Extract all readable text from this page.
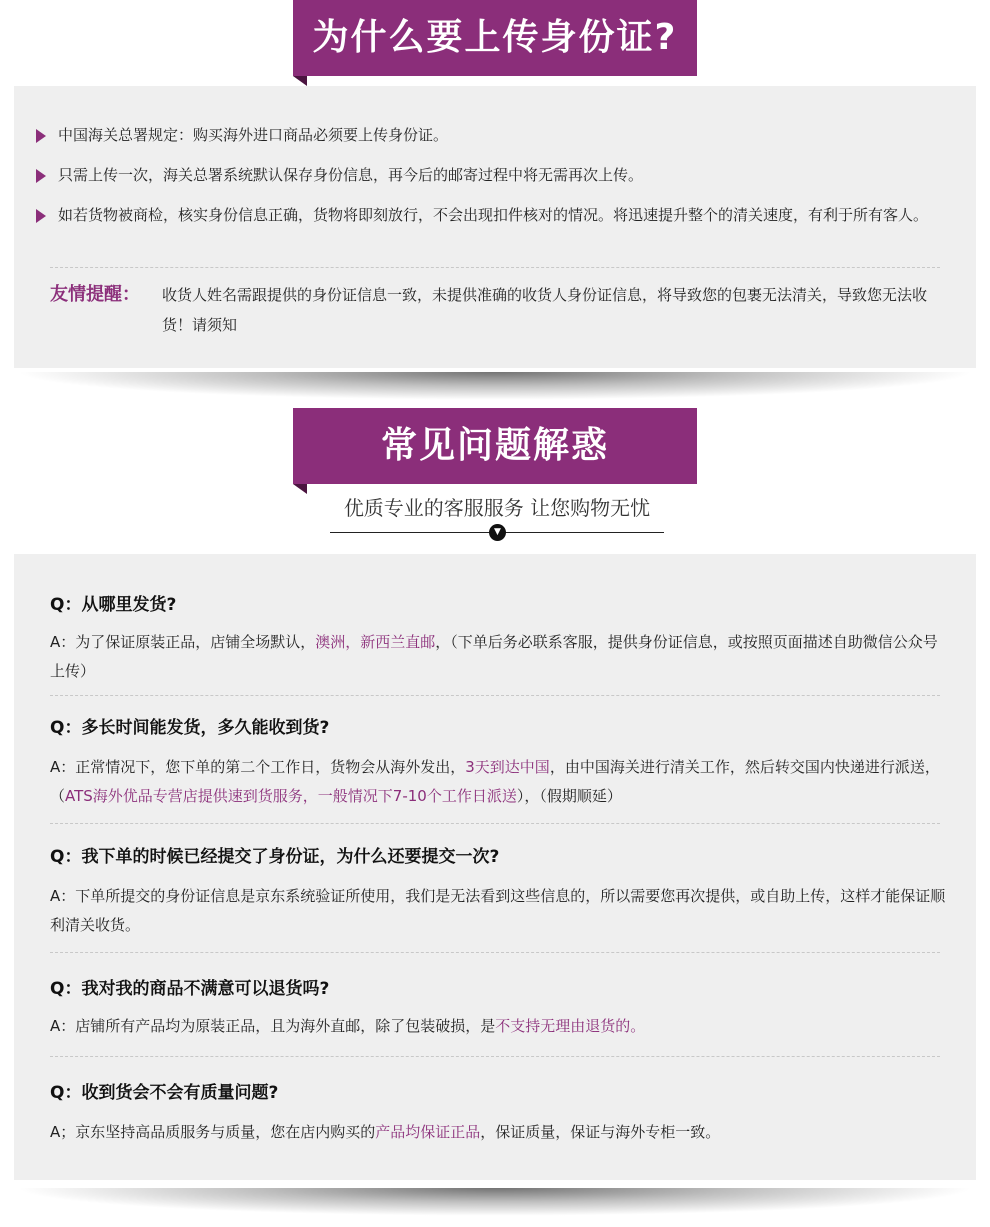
为什么要上传身份证?
中国海关总署规定：购买海外进口商品必须要上传身份证。
只需上传一次，海关总署系统默认保存身份信息，再今后的邮寄过程中将无需再次上传。
如若货物被商检，核实身份信息正确，货物将即刻放行，不会出现扣件核对的情况。将迅速提升整个的清关速度，有利于所有客人。
友情提醒： 收货人姓名需跟提供的身份证信息一致，未提供准确的收货人身份证信息，将导致您的包裹无法清关，导致您无法收货！请须知
常见问题解惑
优质专业的客服服务 让您购物无忧
▼
Q：从哪里发货?
A：为了保证原装正品，店铺全场默认，澳洲，新西兰直邮，（下单后务必联系客服，提供身份证信息，或按照页面描述自助微信公众号上传）
Q：多长时间能发货，多久能收到货?
A：正常情况下，您下单的第二个工作日，货物会从海外发出，3天到达中国，由中国海关进行清关工作，然后转交国内快递进行派送，（ATS海外优品专营店提供速到货服务，一般情况下7-10个工作日派送），（假期顺延）
Q：我下单的时候已经提交了身份证，为什么还要提交一次?
A：下单所提交的身份证信息是京东系统验证所使用，我们是无法看到这些信息的，所以需要您再次提供，或自助上传，这样才能保证顺利清关收货。
Q：我对我的商品不满意可以退货吗?
A：店铺所有产品均为原装正品，且为海外直邮，除了包装破损，是不支持无理由退货的。
Q：收到货会不会有质量问题?
A；京东坚持高品质服务与质量，您在店内购买的产品均保证正品，保证质量，保证与海外专柜一致。
